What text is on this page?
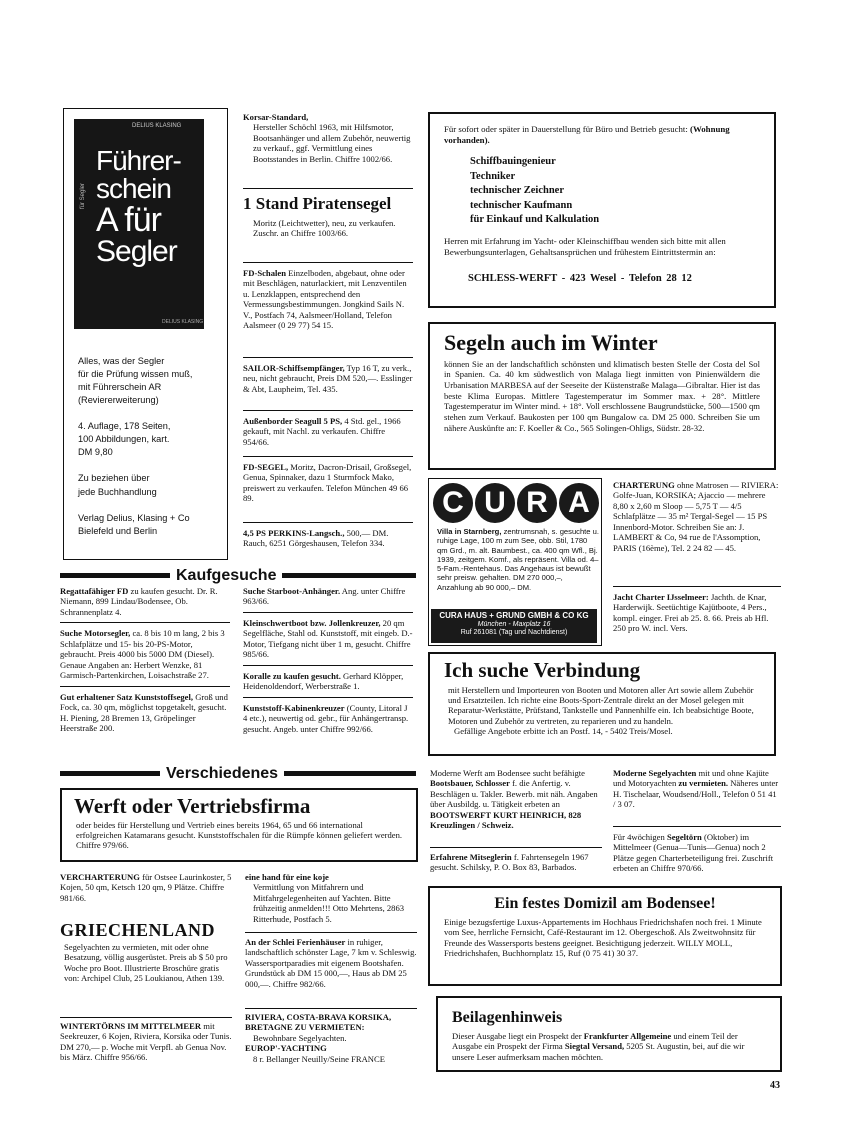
DELIUS KLASING
Führer-
schein
A für
Segler
für Segler
DELIUS KLASING
Alles, was der Segler
für die Prüfung wissen muß,
mit Führerschein AR
(Reviererweiterung)
4. Auflage, 178 Seiten,
100 Abbildungen, kart.
DM 9,80
Zu beziehen über
jede Buchhandlung
Verlag Delius, Klasing + Co
Bielefeld und Berlin
Korsar-Standard,
Hersteller Schöchl 1963, mit Hilfsmotor, Bootsanhänger und allem Zubehör, neuwertig zu verkauf., ggf. Vermittlung eines Bootsstandes in Berlin. Chiffre 1002/66.
1 Stand Piratensegel
Moritz (Leichtwetter), neu, zu verkaufen. Zuschr. an Chiffre 1003/66.
FD-Schalen Einzelboden, abgebaut, ohne oder mit Beschlägen, naturlackiert, mit Lenzventilen u. Lenzklappen, entsprechend den Vermessungsbestimmungen. Jongkind Sails N. V., Postfach 74, Aalsmeer/Holland, Telefon Aalsmeer (0 29 77) 54 15.
SAILOR-Schiffsempfänger, Typ 16 T, zu verk., neu, nicht gebraucht, Preis DM 520,—. Esslinger & Abt, Laupheim, Tel. 435.
Außenborder Seagull 5 PS, 4 Std. gel., 1966 gekauft, mit Nachl. zu verkaufen. Chiffre 954/66.
FD-SEGEL, Moritz, Dacron-Drisail, Großsegel, Genua, Spinnaker, dazu 1 Sturmfock Mako, preiswert zu verkaufen. Telefon München 49 66 89.
4,5 PS PERKINS-Langsch., 500,— DM. Rauch, 6251 Görgeshausen, Telefon 334.
Für sofort oder später in Dauerstellung für Büro und Betrieb gesucht: (Wohnung vorhanden).
Schiffbauingenieur
Techniker
technischer Zeichner
technischer Kaufmann
für Einkauf und Kalkulation
Herren mit Erfahrung im Yacht- oder Kleinschiffbau wenden sich bitte mit allen Bewerbungsunterlagen, Gehaltsansprüchen und frühestem Eintrittstermin an:
SCHLESS-WERFT - 423 Wesel - Telefon 28 12
Segeln auch im Winter
können Sie an der landschaftlich schönsten und klimatisch besten Stelle der Costa del Sol in Spanien. Ca. 40 km südwestlich von Malaga liegt inmitten von Pinienwäldern die Urbanisation MARBESA auf der Seeseite der Küstenstraße Malaga—Gibraltar. Hier ist das beste Klima Europas. Mittlere Tagestemperatur im Sommer max. + 28°. Mittlere Tagestemperatur im Winter mind. + 18°. Voll erschlossene Baugrundstücke, 500—1500 qm stehen zum Verkauf. Baukosten per 100 qm Bungalow ca. DM 25 000. Schreiben Sie um nähere Auskünfte an: F. Koeller & Co., 565 Solingen-Ohligs, Südstr. 28-32.
C U R A
Villa in Starnberg, zentrumsnah, s. gesuchte u. ruhige Lage, 100 m zum See, obb. Stil, 1780 qm Grd., m. alt. Baumbest., ca. 400 qm Wfl., Bj. 1939, zeitgem. Komf., als repräsent. Villa od. 4–5-Fam.-Rentehaus. Das Angehaus ist bewußt sehr preisw. gehalten. DM 270 000,–, Anzahlung ab 90 000,– DM.
CURA HAUS + GRUND GMBH & CO KG
München - Maxplatz 16
Ruf 261081 (Tag und Nachtdienst)
CHARTERUNG ohne Matrosen — RIVIERA: Golfe-Juan, KORSIKA; Ajaccio — mehrere 8,80 x 2,60 m Sloop — 5,75 T — 4/5 Schlafplätze — 35 m² Tergal-Segel — 15 PS Innenbord-Motor. Schreiben Sie an: J. LAMBERT & Co, 94 rue de l'Assomption, PARIS (16ème), Tel. 2 24 82 — 45.
Jacht Charter IJsselmeer: Jachth. de Knar, Harderwijk. Seetüchtige Kajütboote, 4 Pers., kompl. einger. Frei ab 25. 8. 66. Preis ab Hfl. 250 pro W. incl. Vers.
Ich suche Verbindung
mit Herstellern und Importeuren von Booten und Motoren aller Art sowie allem Zubehör und Ersatzteilen. Ich richte eine Boots-Sport-Zentrale direkt an der Mosel gelegen mit Reparatur-Werkstätte, Prüfstand, Tankstelle und Pannenhilfe ein. Ich beabsichtige Boote, Motoren und Zubehör zu vertreten, zu reparieren und zu handeln.
Gefällige Angebote erbitte ich an Postf. 14, - 5402 Treis/Mosel.
Kaufgesuche
Regattafähiger FD zu kaufen gesucht. Dr. R. Niemann, 899 Lindau/Bodensee, Ob. Schrannenplatz 4.
Suche Motorsegler, ca. 8 bis 10 m lang, 2 bis 3 Schlafplätze und 15- bis 20-PS-Motor, gebraucht. Preis 4000 bis 5000 DM (Diesel). Genaue Angaben an: Herbert Wenzke, 81 Garmisch-Partenkirchen, Loisachstraße 27.
Gut erhaltener Satz Kunststoffsegel, Groß und Fock, ca. 30 qm, möglichst topgetakelt, gesucht. H. Piening, 28 Bremen 13, Gröpelinger Heerstraße 200.
Suche Starboot-Anhänger. Ang. unter Chiffre 963/66.
Kleinschwertboot bzw. Jollenkreuzer, 20 qm Segelfläche, Stahl od. Kunststoff, mit eingeb. D.-Motor, Tiefgang nicht über 1 m, gesucht. Chiffre 985/66.
Koralle zu kaufen gesucht. Gerhard Klöpper, Heidenoldendorf, Werberstraße 1.
Kunststoff-Kabinenkreuzer (County, Litoral J 4 etc.), neuwertig od. gebr., für Anhängertransp. gesucht. Angeb. unter Chiffre 992/66.
Verschiedenes
Werft oder Vertriebsfirma
oder beides für Herstellung und Vertrieb eines bereits 1964, 65 und 66 international erfolgreichen Katamarans gesucht. Kunststoffschalen für die Rümpfe können geliefert werden. Chiffre 979/66.
VERCHARTERUNG für Ostsee Laurinkoster, 5 Kojen, 50 qm, Ketsch 120 qm, 9 Plätze. Chiffre 981/66.
GRIECHENLAND
Segelyachten zu vermieten, mit oder ohne Besatzung, völlig ausgerüstet. Preis ab $ 50 pro Woche pro Boot. Illustrierte Broschüre gratis von: Archipel Club, 25 Loukianou, Athen 139.
WINTERTÖRNS IM MITTELMEER mit Seekreuzer, 6 Kojen, Riviera, Korsika oder Tunis. DM 270,— p. Woche mit Verpfl. ab Genua Nov. bis März. Chiffre 956/66.
eine hand für eine koje
Vermittlung von Mitfahrern und Mitfahrgelegenheiten auf Yachten. Bitte frühzeitig anmelden!!! Otto Mehrtens, 2863 Ritterhude, Postfach 5.
An der Schlei Ferienhäuser in ruhiger, landschaftlich schönster Lage, 7 km v. Schleswig. Wassersportparadies mit eigenem Bootshafen. Grundstück ab DM 15 000,—, Haus ab DM 25 000,—. Chiffre 982/66.
RIVIERA, COSTA-BRAVA KORSIKA, BRETAGNE ZU VERMIETEN:
Bewohnbare Segelyachten.
EUROP'-YACHTING
8 r. Bellanger Neuilly/Seine FRANCE
Moderne Werft am Bodensee sucht befähigte Bootsbauer, Schlosser f. die Anfertig. v. Beschlägen u. Takler. Bewerb. mit näh. Angaben über Ausbildg. u. Tätigkeit erbeten an BOOTSWERFT KURT HEINRICH, 828 Kreuzlingen / Schweiz.
Erfahrene Mitseglerin f. Fahrtensegeln 1967 gesucht. Schilsky, P. O. Box 83, Barbados.
Moderne Segelyachten mit und ohne Kajüte und Motoryachten zu vermieten. Näheres unter H. Tischelaar, Woudsend/Holl., Telefon 0 51 41 / 3 07.
Für 4wöchigen Segeltörn (Oktober) im Mittelmeer (Genua—Tunis—Genua) noch 2 Plätze gegen Charterbeteiligung frei. Zuschrift erbeten an Chiffre 970/66.
Ein festes Domizil am Bodensee!
Einige bezugsfertige Luxus-Appartements im Hochhaus Friedrichshafen noch frei. 1 Minute vom See, herrliche Fernsicht, Café-Restaurant im 12. Obergeschoß. Als Zweitwohnsitz für Freunde des Wassersports bestens geeignet. Besichtigung jederzeit. WILLY MOLL, Friedrichshafen, Buchhornplatz 15, Ruf (0 75 41) 30 37.
Beilagenhinweis
Dieser Ausgabe liegt ein Prospekt der Frankfurter Allgemeine und einem Teil der Ausgabe ein Prospekt der Firma Siegtal Versand, 5205 St. Augustin, bei, auf die wir unsere Leser aufmerksam machen möchten.
43
